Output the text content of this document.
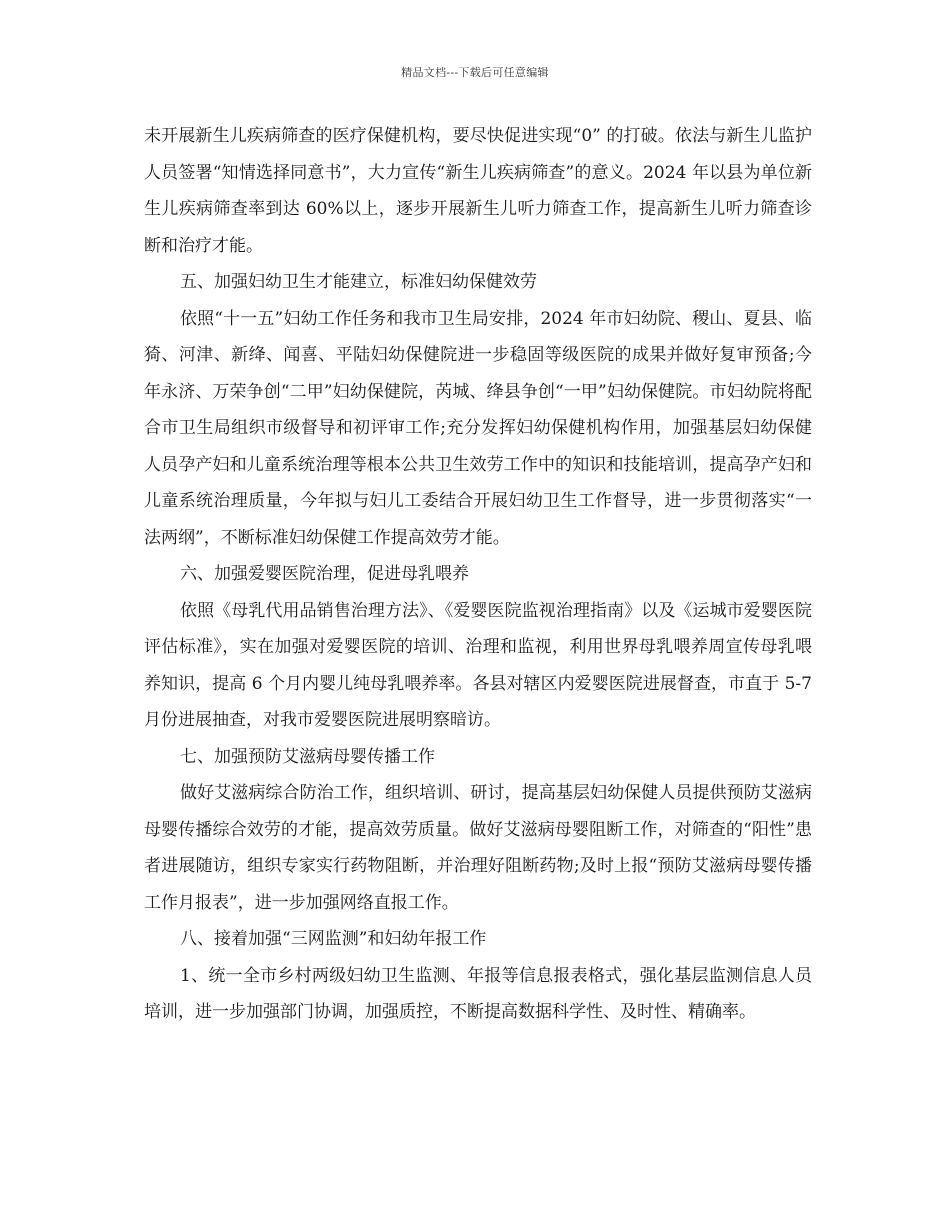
精品文档---下载后可任意编辑

未开展新生儿疾病筛查的医疗保健机构，要尽快促进实现“0” 的打破。依法与新生儿监护人员签署“知情选择同意书”，大力宣传“新生儿疾病筛查”的意义。2024 年以县为单位新生儿疾病筛查率到达 60%以上，逐步开展新生儿听力筛查工作，提高新生儿听力筛查诊断和治疗才能。

五、加强妇幼卫生才能建立，标准妇幼保健效劳

依照“十一五”妇幼工作任务和我市卫生局安排，2024 年市妇幼院、稷山、夏县、临猗、河津、新绛、闻喜、平陆妇幼保健院进一步稳固等级医院的成果并做好复审预备;今年永济、万荣争创“二甲”妇幼保健院，芮城、绛县争创“一甲”妇幼保健院。市妇幼院将配合市卫生局组织市级督导和初评审工作;充分发挥妇幼保健机构作用，加强基层妇幼保健人员孕产妇和儿童系统治理等根本公共卫生效劳工作中的知识和技能培训，提高孕产妇和儿童系统治理质量，今年拟与妇儿工委结合开展妇幼卫生工作督导，进一步贯彻落实“一法两纲”，不断标准妇幼保健工作提高效劳才能。

六、加强爱婴医院治理，促进母乳喂养

依照《母乳代用品销售治理方法》、《爱婴医院监视治理指南》以及《运城市爱婴医院评估标准》，实在加强对爱婴医院的培训、治理和监视，利用世界母乳喂养周宣传母乳喂养知识，提高 6 个月内婴儿纯母乳喂养率。各县对辖区内爱婴医院进展督查，市直于 5-7 月份进展抽查，对我市爱婴医院进展明察暗访。

七、加强预防艾滋病母婴传播工作

做好艾滋病综合防治工作，组织培训、研讨，提高基层妇幼保健人员提供预防艾滋病母婴传播综合效劳的才能，提高效劳质量。做好艾滋病母婴阻断工作，对筛查的“阳性”患者进展随访，组织专家实行药物阻断，并治理好阻断药物;及时上报“预防艾滋病母婴传播工作月报表”，进一步加强网络直报工作。

八、接着加强“三网监测”和妇幼年报工作

1、统一全市乡村两级妇幼卫生监测、年报等信息报表格式，强化基层监测信息人员培训，进一步加强部门协调，加强质控，不断提高数据科学性、及时性、精确率。
